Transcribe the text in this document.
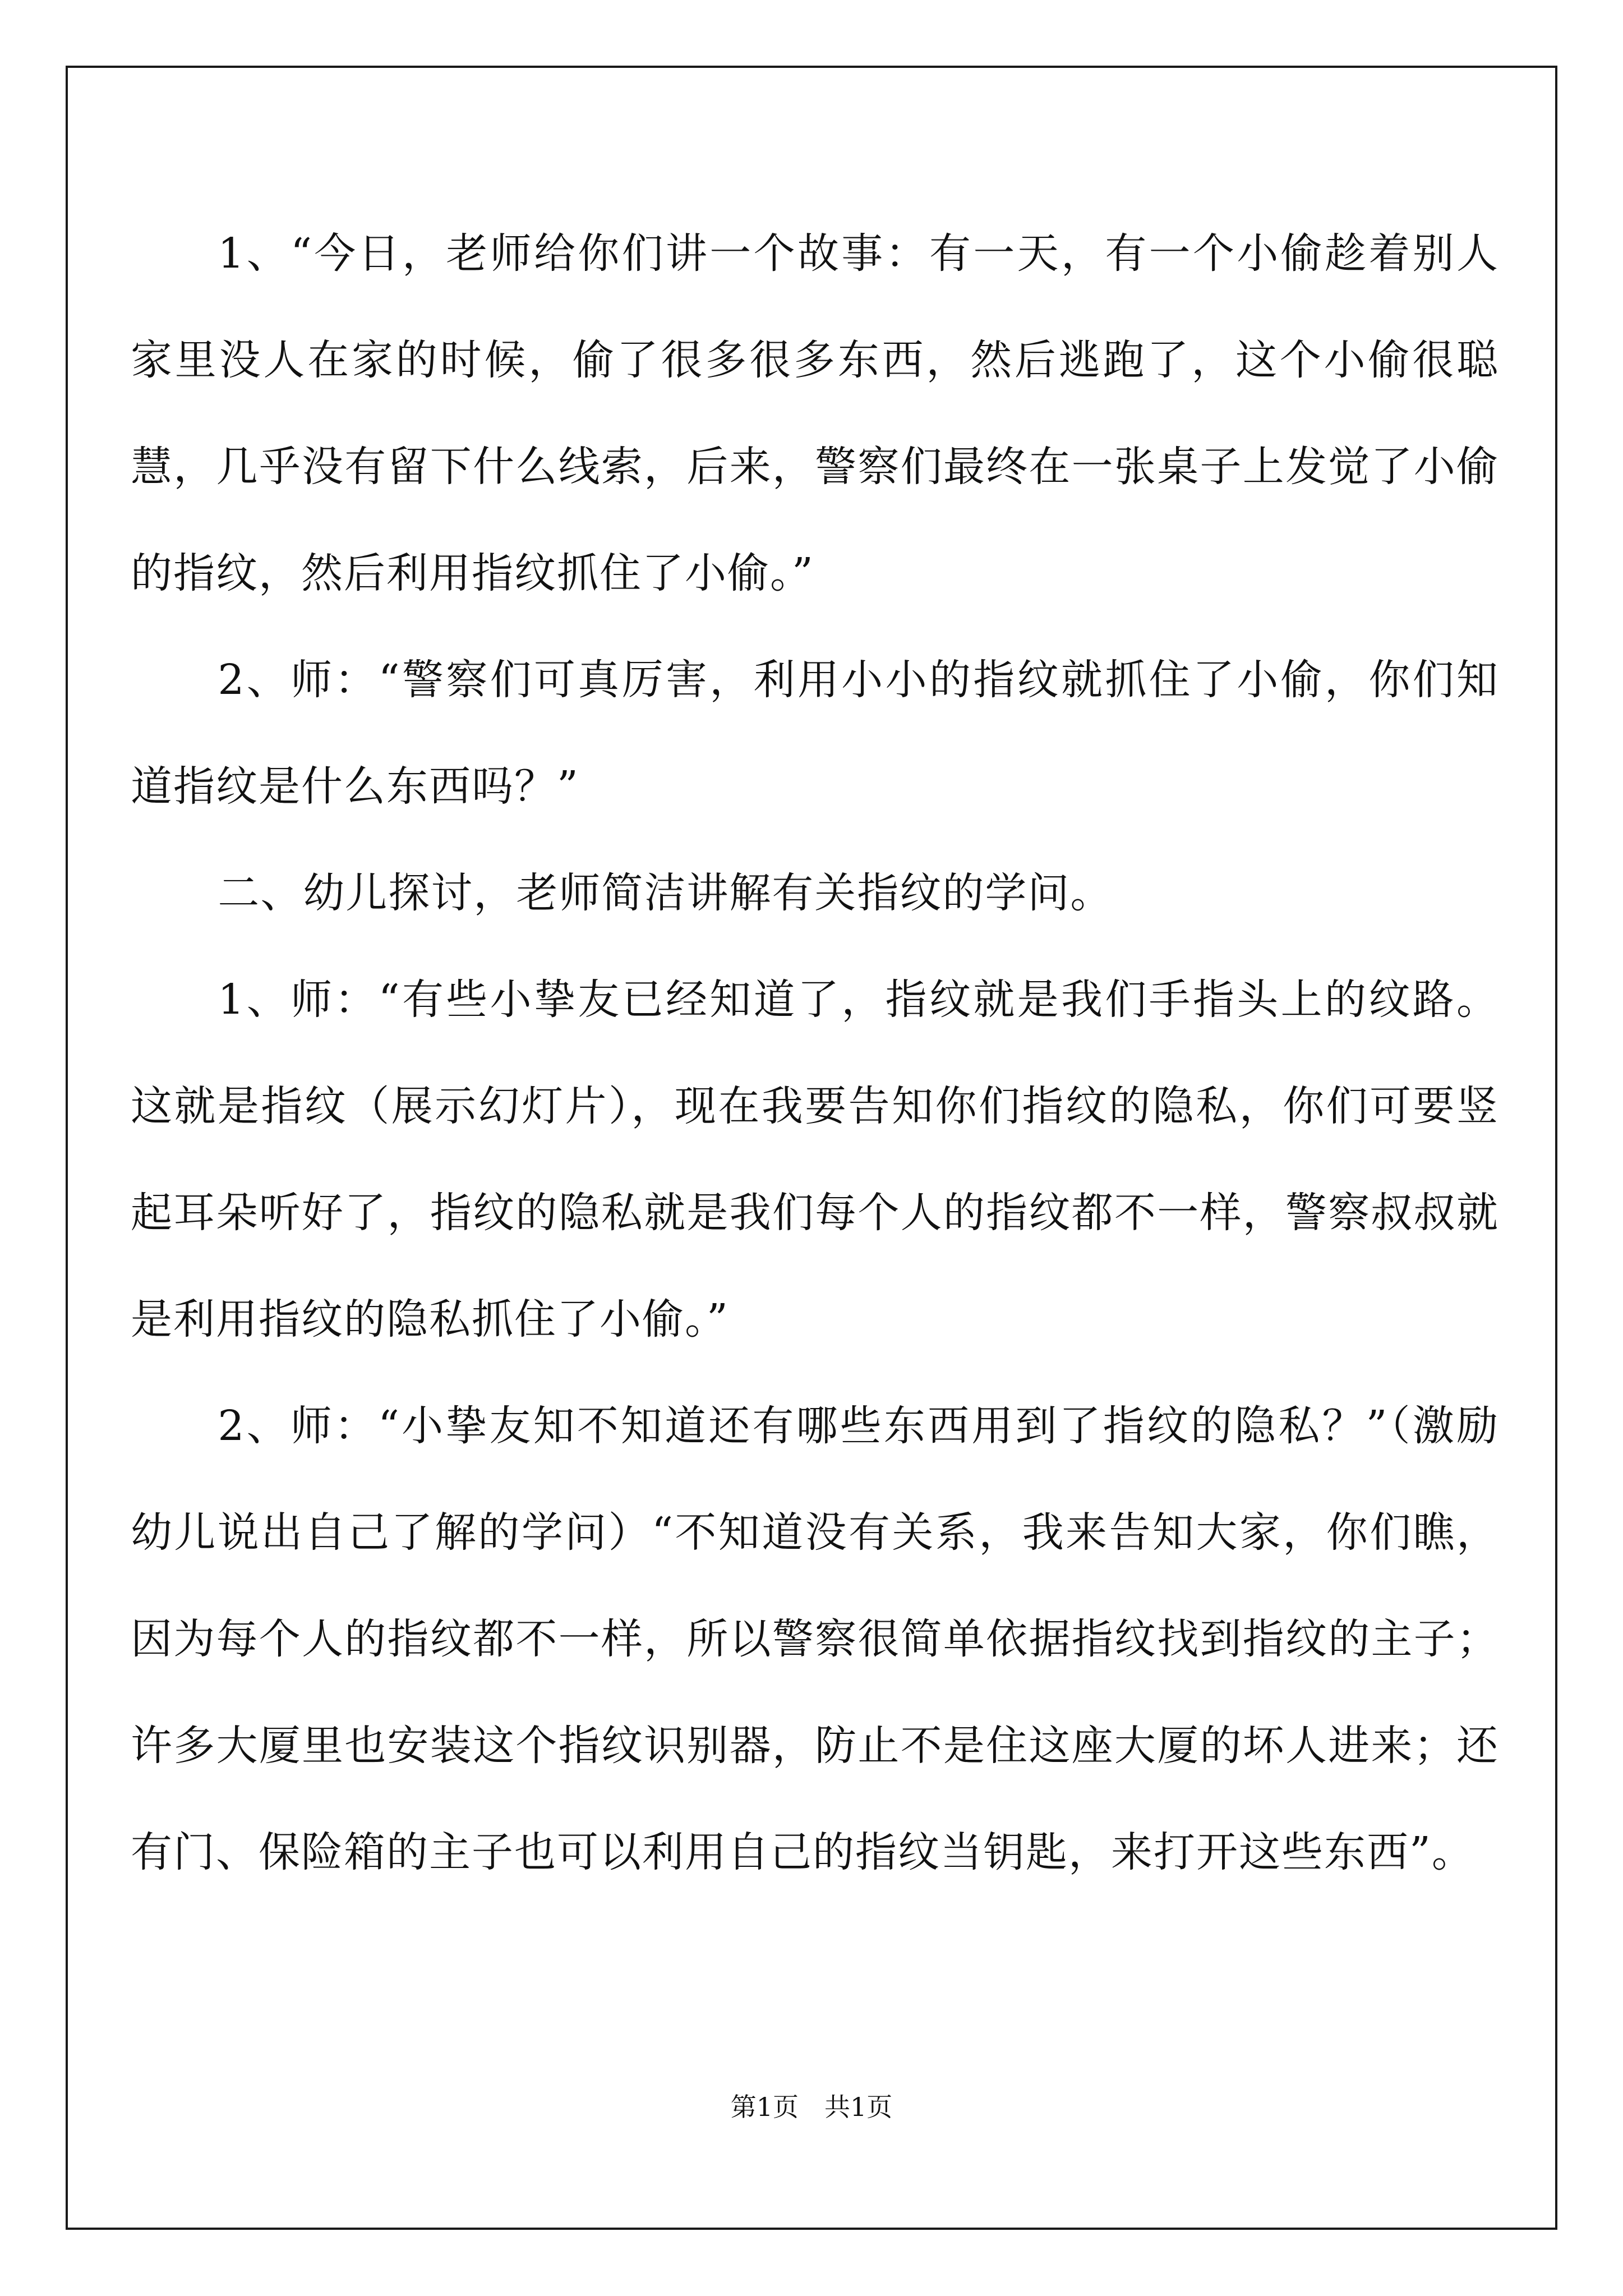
1、“今日，老师给你们讲一个故事：有一天，有一个小偷趁着别人家里没人在家的时候，偷了很多很多东西，然后逃跑了，这个小偷很聪慧，几乎没有留下什么线索，后来，警察们最终在一张桌子上发觉了小偷的指纹，然后利用指纹抓住了小偷。”

2、师：“警察们可真厉害，利用小小的指纹就抓住了小偷，你们知道指纹是什么东西吗？”

二、幼儿探讨，老师简洁讲解有关指纹的学问。

1、师：“有些小挚友已经知道了，指纹就是我们手指头上的纹路。这就是指纹（展示幻灯片），现在我要告知你们指纹的隐私，你们可要竖起耳朵听好了，指纹的隐私就是我们每个人的指纹都不一样，警察叔叔就是利用指纹的隐私抓住了小偷。”

2、师：“小挚友知不知道还有哪些东西用到了指纹的隐私？”（激励幼儿说出自己了解的学问）“不知道没有关系，我来告知大家，你们瞧，因为每个人的指纹都不一样，所以警察很简单依据指纹找到指纹的主子；许多大厦里也安装这个指纹识别器，防止不是住这座大厦的坏人进来；还有门、保险箱的主子也可以利用自己的指纹当钥匙，来打开这些东西”。

第1页　共1页
